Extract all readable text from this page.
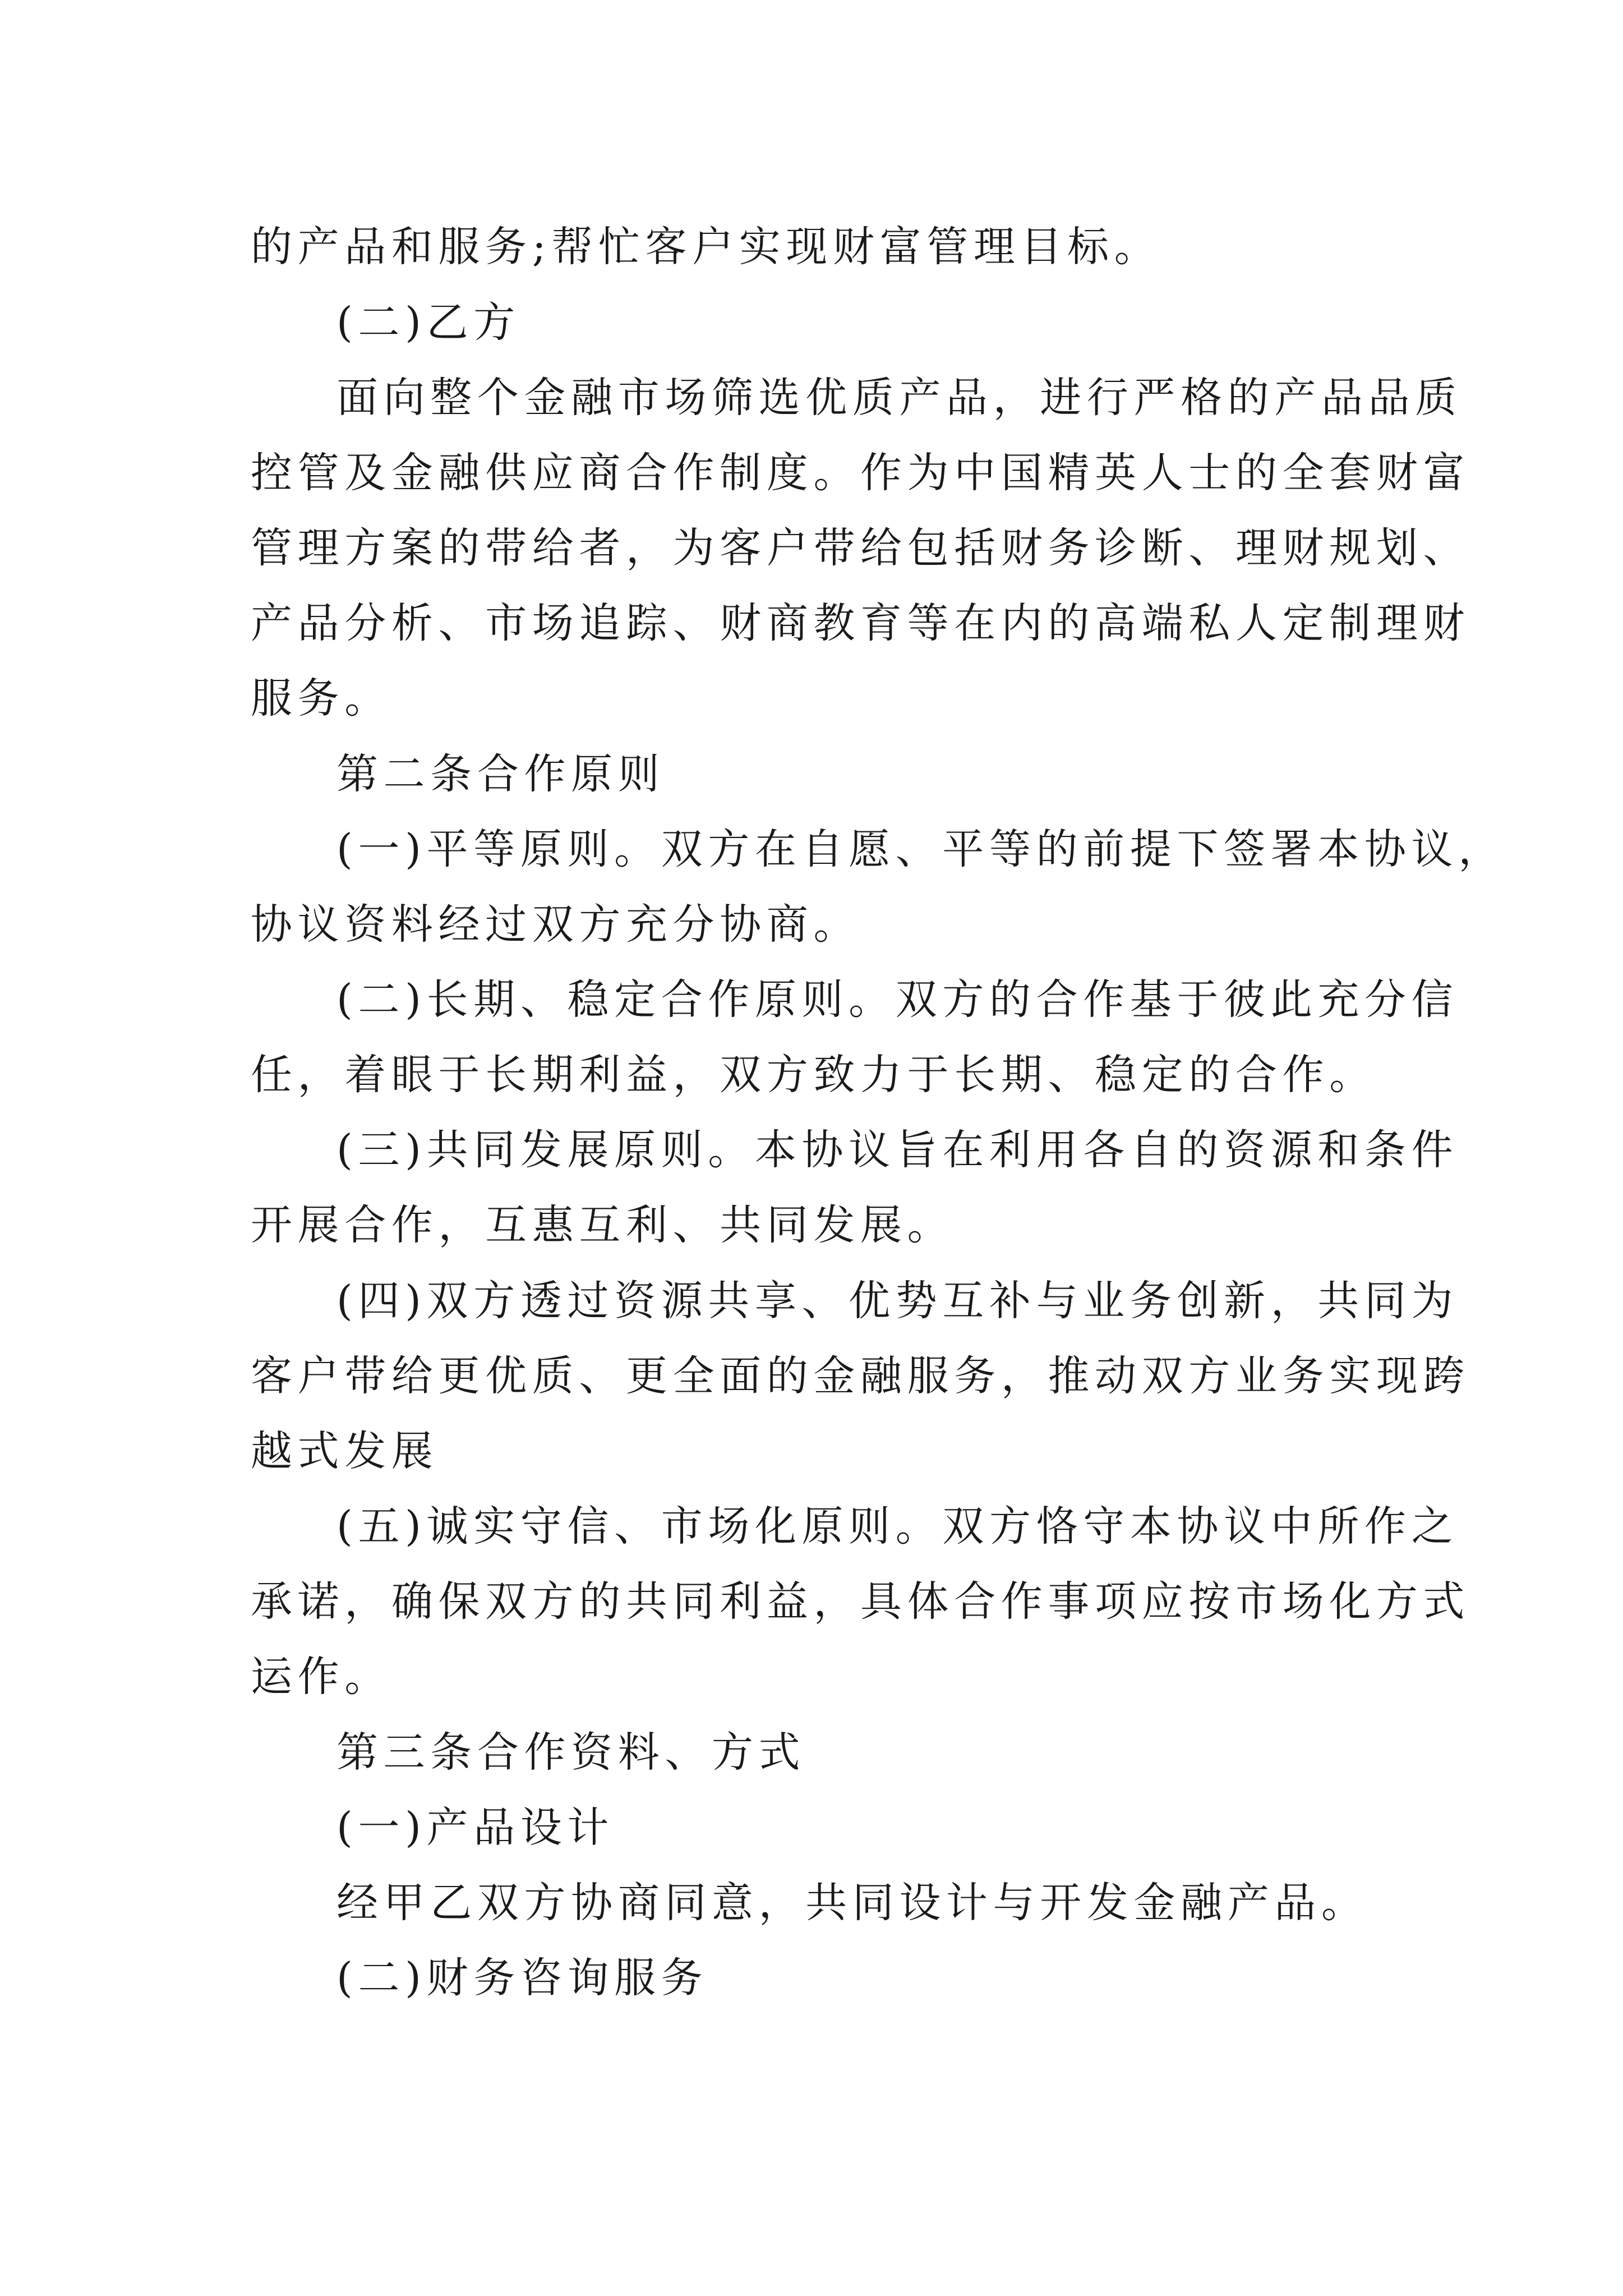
的产品和服务;帮忙客户实现财富管理目标。
(二)乙方
面向整个金融市场筛选优质产品，进行严格的产品品质
控管及金融供应商合作制度。作为中国精英人士的全套财富
管理方案的带给者，为客户带给包括财务诊断、理财规划、
产品分析、市场追踪、财商教育等在内的高端私人定制理财
服务。
第二条合作原则
(一)平等原则。双方在自愿、平等的前提下签署本协议，
协议资料经过双方充分协商。
(二)长期、稳定合作原则。双方的合作基于彼此充分信
任，着眼于长期利益，双方致力于长期、稳定的合作。
(三)共同发展原则。本协议旨在利用各自的资源和条件
开展合作，互惠互利、共同发展。
(四)双方透过资源共享、优势互补与业务创新，共同为
客户带给更优质、更全面的金融服务，推动双方业务实现跨
越式发展
(五)诚实守信、市场化原则。双方恪守本协议中所作之
承诺，确保双方的共同利益，具体合作事项应按市场化方式
运作。
第三条合作资料、方式
(一)产品设计
经甲乙双方协商同意，共同设计与开发金融产品。
(二)财务咨询服务
